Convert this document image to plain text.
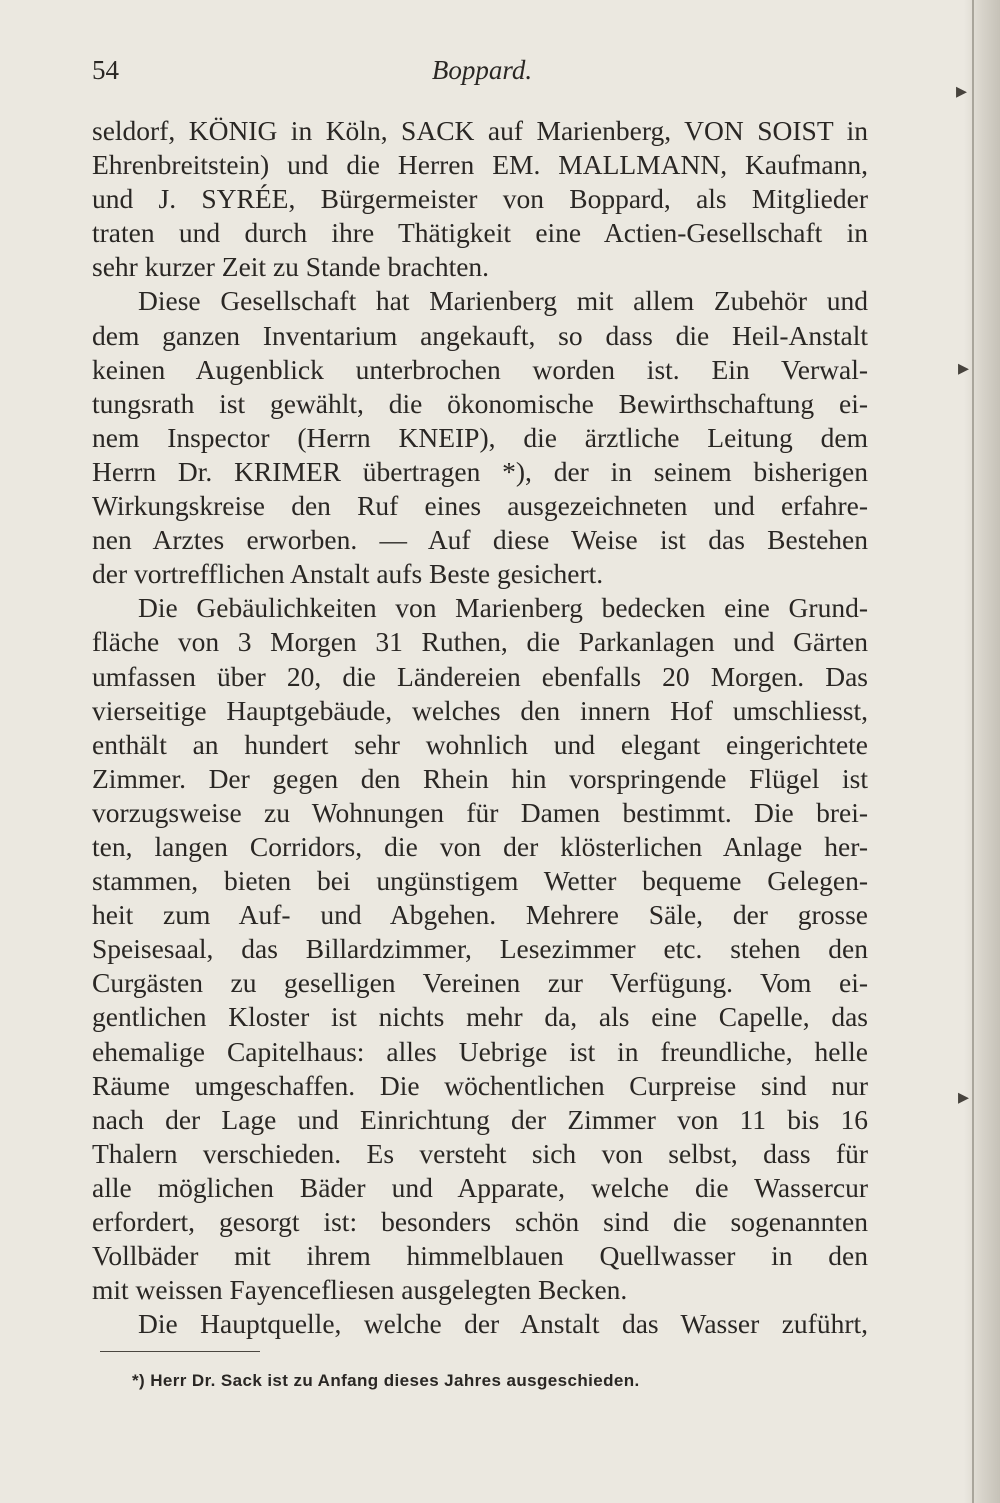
54	Boppard.
seldorf, KÖNIG in Köln, SACK auf Marienberg, VON SOIST in
Ehrenbreitstein) und die Herren EM. MALLMANN, Kaufmann,
und J. SYRÉE, Bürgermeister von Boppard, als Mitglieder
traten und durch ihre Thätigkeit eine Actien-Gesellschaft in
sehr kurzer Zeit zu Stande brachten.
Diese Gesellschaft hat Marienberg mit allem Zubehör und
dem ganzen Inventarium angekauft, so dass die Heil-Anstalt
keinen Augenblick unterbrochen worden ist. Ein Verwal-
tungsrath ist gewählt, die ökonomische Bewirthschaftung ei-
nem Inspector (Herrn KNEIP), die ärztliche Leitung dem
Herrn Dr. KRIMER übertragen *), der in seinem bisherigen
Wirkungskreise den Ruf eines ausgezeichneten und erfahre-
nen Arztes erworben. — Auf diese Weise ist das Bestehen
der vortrefflichen Anstalt aufs Beste gesichert.
Die Gebäulichkeiten von Marienberg bedecken eine Grund-
fläche von 3 Morgen 31 Ruthen, die Parkanlagen und Gärten
umfassen über 20, die Ländereien ebenfalls 20 Morgen. Das
vierseitige Hauptgebäude, welches den innern Hof umschliesst,
enthält an hundert sehr wohnlich und elegant eingerichtete
Zimmer. Der gegen den Rhein hin vorspringende Flügel ist
vorzugsweise zu Wohnungen für Damen bestimmt. Die brei-
ten, langen Corridors, die von der klösterlichen Anlage her-
stammen, bieten bei ungünstigem Wetter bequeme Gelegen-
heit zum Auf- und Abgehen. Mehrere Säle, der grosse
Speisesaal, das Billardzimmer, Lesezimmer etc. stehen den
Curgästen zu geselligen Vereinen zur Verfügung. Vom ei-
gentlichen Kloster ist nichts mehr da, als eine Capelle, das
ehemalige Capitelhaus: alles Uebrige ist in freundliche, helle
Räume umgeschaffen. Die wöchentlichen Curpreise sind nur
nach der Lage und Einrichtung der Zimmer von 11 bis 16
Thalern verschieden. Es versteht sich von selbst, dass für
alle möglichen Bäder und Apparate, welche die Wassercur
erfordert, gesorgt ist: besonders schön sind die sogenannten
Vollbäder mit ihrem himmelblauen Quellwasser in den
mit weissen Fayencefliesen ausgelegten Becken.
Die Hauptquelle, welche der Anstalt das Wasser zuführt,
*) Herr Dr. Sack ist zu Anfang dieses Jahres ausgeschieden.
▸
▸
▸
